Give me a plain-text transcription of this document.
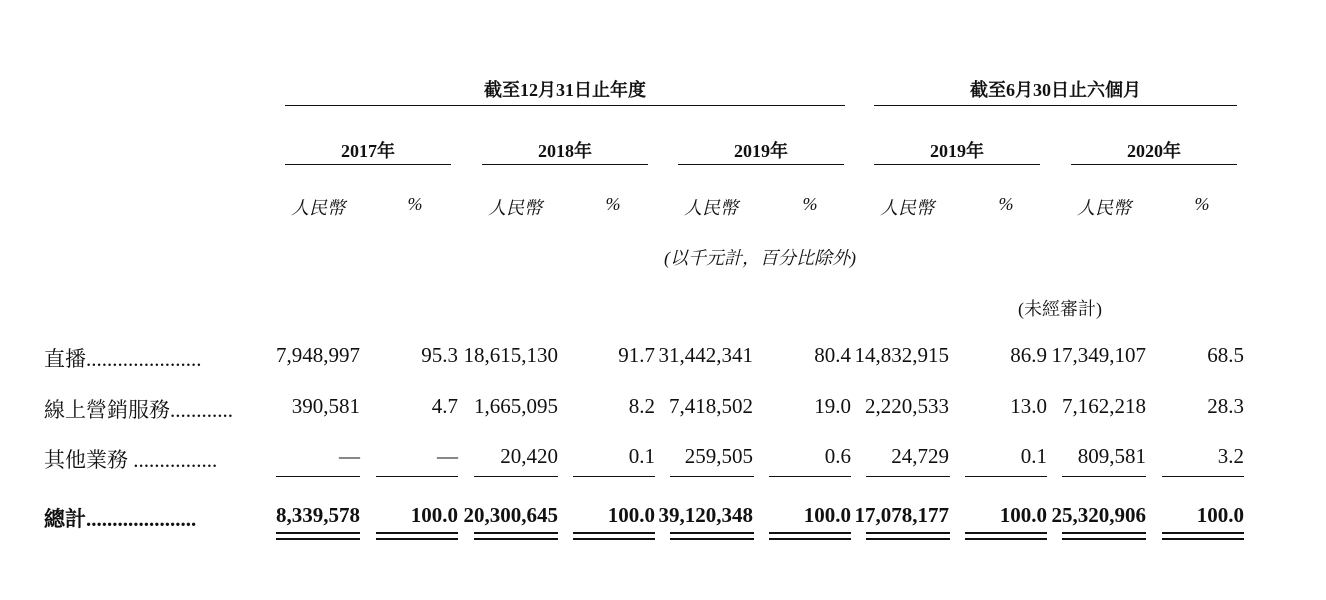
截至12月31日止年度	截至6月30日止六個月
2017年	2018年	2019年	2019年	2020年
人民幣	%	人民幣	%	人民幣	%	人民幣	%	人民幣	%
(以千元計，百分比除外)
(未經審計)
直播......................	7,948,997	95.3 18,615,130	91.7 31,442,341	80.4 14,832,915	86.9 17,349,107	68.5
線上營銷服務............	390,581	4.7 1,665,095	8.2 7,418,502	19.0 2,220,533	13.0 7,162,218	28.3
其他業務 ................	—	—	20,420	0.1	259,505	0.6	24,729	0.1	809,581	3.2
總計.....................	8,339,578	100.0 20,300,645	100.0 39,120,348	100.0 17,078,177	100.0 25,320,906	100.0
